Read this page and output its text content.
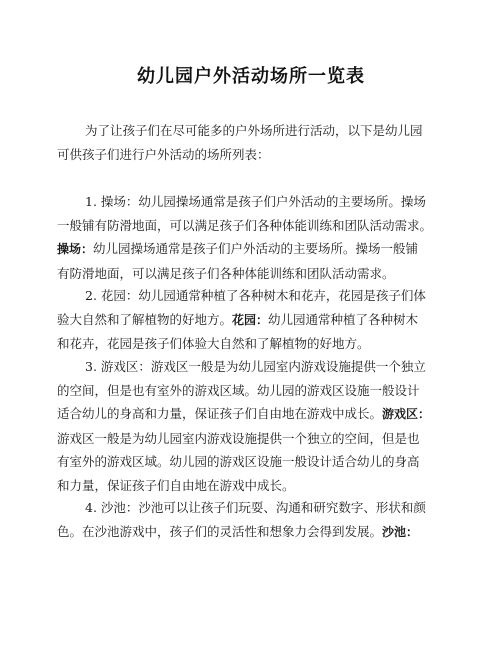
幼儿园户外活动场所一览表
为了让孩子们在尽可能多的户外场所进行活动，以下是幼儿园
可供孩子们进行户外活动的场所列表：
1. 操场：幼儿园操场通常是孩子们户外活动的主要场所。操场
一般铺有防滑地面，可以满足孩子们各种体能训练和团队活动需求。
操场：幼儿园操场通常是孩子们户外活动的主要场所。操场一般铺
有防滑地面，可以满足孩子们各种体能训练和团队活动需求。
2. 花园：幼儿园通常种植了各种树木和花卉，花园是孩子们体
验大自然和了解植物的好地方。花园：幼儿园通常种植了各种树木
和花卉，花园是孩子们体验大自然和了解植物的好地方。
3. 游戏区：游戏区一般是为幼儿园室内游戏设施提供一个独立
的空间，但是也有室外的游戏区域。幼儿园的游戏区设施一般设计
适合幼儿的身高和力量，保证孩子们自由地在游戏中成长。游戏区：
游戏区一般是为幼儿园室内游戏设施提供一个独立的空间，但是也
有室外的游戏区域。幼儿园的游戏区设施一般设计适合幼儿的身高
和力量，保证孩子们自由地在游戏中成长。
4. 沙池：沙池可以让孩子们玩耍、沟通和研究数字、形状和颜
色。在沙池游戏中，孩子们的灵活性和想象力会得到发展。沙池：
